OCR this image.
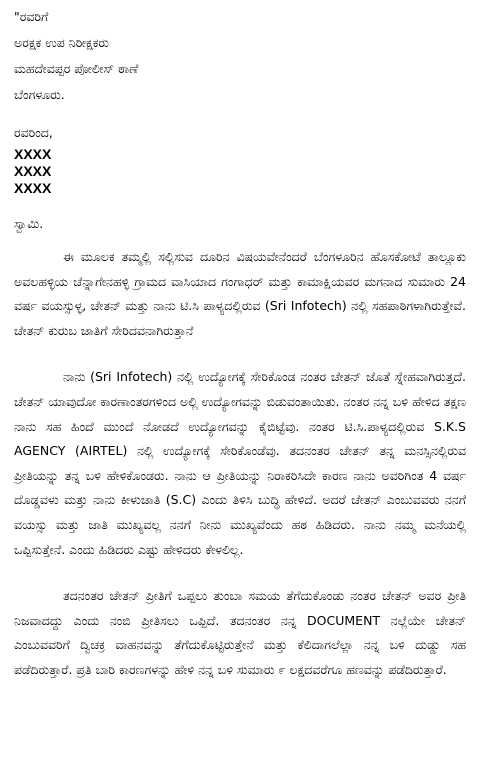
"ರವರಿಗೆ
ಅರಕ್ಷಕ ಉಪ ನಿರೀಕ್ಷಕರು
ಮಹದೇವಪ್ಪರ ಪೋಲೀಸ್ ಠಾಣೆ
ಬೆಂಗಳೂರು.
ರವರಿಂದ,
XXXX
XXXX
XXXX
ಸ್ವಾಮಿ.

ಈ ಮೂಲಕ ತಮ್ಮಲ್ಲಿ ಸಲ್ಲಿಸುವ ದೂರಿನ ವಿಷಯವೇನೆಂದರೆ ಬೆಂಗಳೂರಿನ ಹೊಸಕೋಟೆ ತಾಲ್ಲೂಕು ಅವಲಹಳ್ಳಿಯ ಚೆನ್ನಾಗೇನಹಳ್ಳಿ ಗ್ರಾಮದ ವಾಸಿಯಾದ ಗಂಗಾಧರ್ ಮತ್ತು ಕಾಮಾಕ್ಷಿಯವರ ಮಗನಾದ ಸುಮಾರು 24 ವರ್ಷ ವಯಸ್ಸುಳ್ಳ, ಚೇತನ್ ಮತ್ತು ನಾನು ಟಿ.ಸಿ ಪಾಳ್ಯದಲ್ಲಿರುವ (Sri Infotech) ನಲ್ಲಿ ಸಹಪಾಠಿಗಳಾಗಿರುತ್ತೇವೆ. ಚೇತನ್ ಕುರುಬ ಜಾತಿಗೆ ಸೇರಿದವನಾಗಿರುತ್ತಾನೆ

ನಾನು (Sri Infotech) ನಲ್ಲಿ ಉದ್ಯೋಗಕ್ಕೆ ಸೇರಿಕೊಂಡ ನಂತರ ಚೇತನ್ ಜೊತೆ ಸ್ನೇಹವಾಗಿರುತ್ತದೆ. ಚೇತನ್ ಯಾವುದೋ ಕಾರಣಾಂತರಗಳಿಂದ ಅಲ್ಲಿ ಉದ್ಯೋಗವನ್ನು ಬಿಡುವಂತಾಯಿತು. ನಂತರ ನನ್ನ ಬಳಿ ಹೇಳಿದ ತಕ್ಷಣ ನಾನು ಸಹ ಹಿಂದೆ ಮುಂದೆ ನೋಡದೆ ಉದ್ಯೋಗವನ್ನು ಕೈಬಿಟ್ಟೆವು. ನಂತರ ಟಿ.ಸಿ.ಪಾಳ್ಯದಲ್ಲಿರುವ S.K.S AGENCY (AIRTEL) ನಲ್ಲಿ ಉದ್ಯೋಗಕ್ಕೆ ಸೇರಿಕೊಂಡೆವು. ತದನಂತರ ಚೇತನ್ ತನ್ನ ಮನಸ್ಸಿನಲ್ಲಿರುವ ಪ್ರೀತಿಯನ್ನು ತನ್ನ ಬಳಿ ಹೇಳಿಕೊಂಡರು. ನಾನು ಆ ಪ್ರೀತಿಯನ್ನು ನಿರಾಕರಿಸಿದೇ ಕಾರಣ ನಾನು ಅವರಿಗಿಂತ 4 ವರ್ಷ ದೊಡ್ಡವಳು ಮತ್ತು ನಾನು ಕೀಳುಜಾತಿ (S.C) ಎಂದು ತಿಳಿಸಿ ಬುದ್ಧಿ ಹೇಳಿದೆ. ಅದರೆ ಚೇತನ್ ಎಂಬುವವರು ನನಗೆ ವಯಸ್ಸು ಮತ್ತು ಜಾತಿ ಮುಖ್ಯವಲ್ಲ ನನಗೆ ನೀನು ಮುಖ್ಯವೆಂದು ಹಠ ಹಿಡಿದರು. ನಾನು ನಮ್ಮ ಮನೆಯಲ್ಲಿ ಒಪ್ಪಿಸುತ್ತೇನೆ. ಎಂದು ಹಿಡಿದರು ಎಷ್ಟು ಹೇಳಿದರು ಕೇಳಲಿಲ್ಲ.

ತದನಂತರ ಚೇತನ್ ಪ್ರೀತಿಗೆ ಒಪ್ಪಲು ತುಂಬಾ ಸಮಯ ತೆಗೆದುಕೊಂಡು ನಂತರ ಚೇತನ್ ಅವರ ಪ್ರೀತಿ ನಿಜವಾದದ್ದು ಎಂದು ನಂಬಿ ಪ್ರೀತಿಸಲು ಒಪ್ಪಿದೆ. ತದನಂತರ ನನ್ನ DOCUMENT ನಲ್ಲೆಯೇ ಚೇತನ್ ಎಂಬುವವರಿಗೆ ದ್ವಿಚಕ್ರ ವಾಹನವನ್ನು ತೆಗೆದುಕೊಟ್ಟಿರುತ್ತೇನೆ ಮತ್ತು ಕೆಲಿದಾಗಲೆಲ್ಲಾ ನನ್ನ ಬಳಿ ದುಡ್ಡು ಸಹ ಪಡೆದಿರುತ್ತಾರೆ. ಪ್ರತಿ ಬಾರಿ ಕಾರಣಗಳನ್ನು ಹೇಳಿ ನನ್ನ ಬಳಿ ಸುಮಾರು ೯ ಲಕ್ಷದವರೆಗೂ ಹಣವನ್ನು ಪಡೆದಿರುತ್ತಾರೆ.
